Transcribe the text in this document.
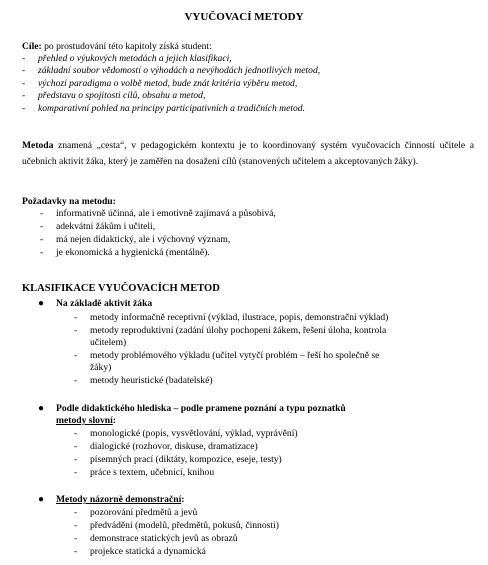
VYUČOVACÍ METODY
Cíle: po prostudování této kapitoly získá student:
- přehled o výukových metodách a jejich klasifikaci,
- základní soubor vědomostí o výhodách a nevýhodách jednotlivých metod,
- výchozí paradigma o volbě metod, bude znát kritéria výběru metod,
- představu o spojitosti cílů, obsahu a metod,
- komparativní pohled na principy participativních a tradičních metod.
Metoda znamená „cesta“, v pedagogickém kontextu je to koordinovaný systém vyučovacích činností učitele a učebních aktivit žáka, který je zaměřen na dosažení cílů (stanovených učitelem a akceptovaných žáky).
Požadavky na metodu:
- informativně účinná, ale i emotivně zajímavá a působivá,
- adekvátní žákům i učiteli,
- má nejen didaktický, ale i výchovný význam,
- je ekonomická a hygienická (mentálně).
KLASIFIKACE VYUČOVACÍCH METOD
● Na základě aktivit žáka
- metody informačně receptivní (výklad, ilustrace, popis, demonstrační výklad)
- metody reproduktivní (zadání úlohy pochopení žákem, řešení úloha, kontrola
učitelem)
- metody problémového výkladu (učitel vytyčí problém – řeší ho společně se
žáky)
- metody heuristické (badatelské)
● Podle didaktického hlediska – podle pramene poznání a typu poznatků
metody slovní:
- monologické (popis, vysvětlování, výklad, vyprávění)
- dialogické (rozhovor, diskuse, dramatizace)
- písemných prací (diktáty, kompozice, eseje, testy)
- práce s textem, učebnicí, knihou
● Metody názorně demonstrační:
- pozorování předmětů a jevů
- předvádění (modelů, předmětů, pokusů, činností)
- demonstrace statických jevů as obrazů
- projekce statická a dynamická
